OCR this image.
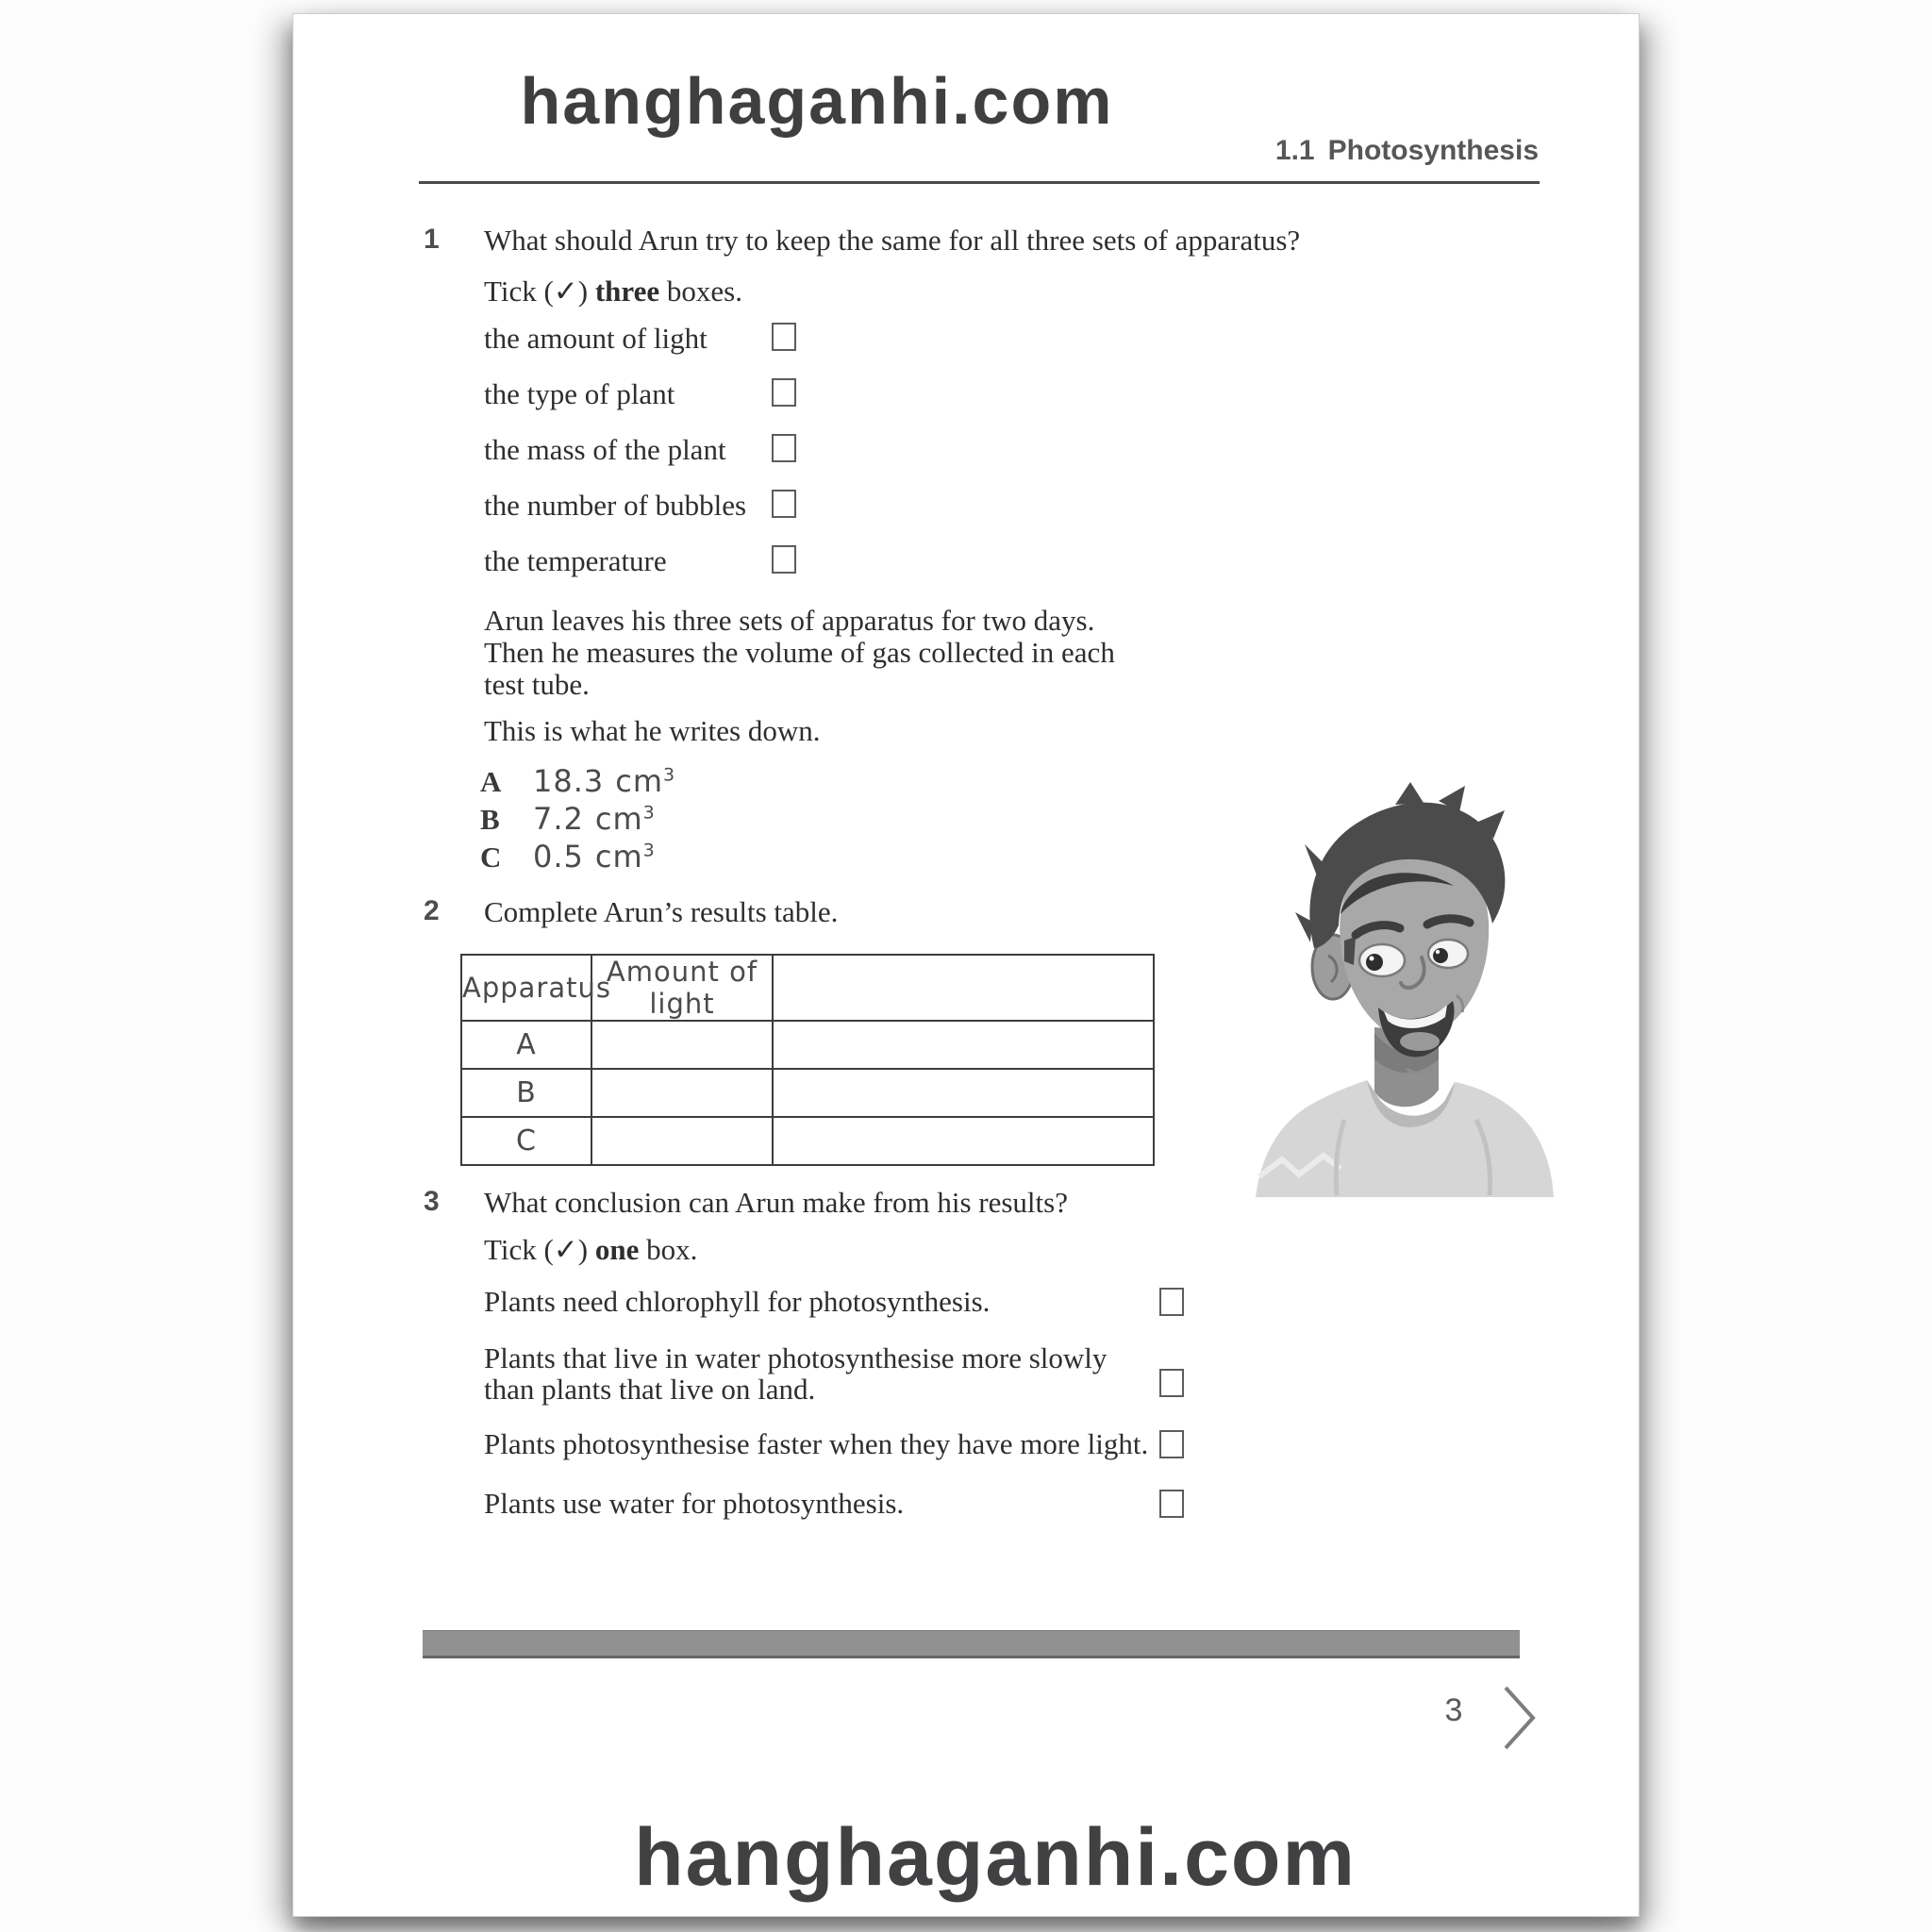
hanghaganhi.com
1.1 Photosynthesis
1 What should Arun try to keep the same for all three sets of apparatus?
Tick (✓) three boxes.
the amount of light
the type of plant
the mass of the plant
the number of bubbles
the temperature
Arun leaves his three sets of apparatus for two days.
Then he measures the volume of gas collected in each
test tube.
This is what he writes down.
A	18.3 $cm^3$
B	7.2 $cm^3$
C	0.5 $cm^3$
2 Complete Arun’s results table.
Apparatus	Amount of light	
A		
B		
C		
3 What conclusion can Arun make from his results?
Tick (✓) one box.
Plants need chlorophyll for photosynthesis.
Plants that live in water photosynthesise more slowly
than plants that live on land.
Plants photosynthesise faster when they have more light.
Plants use water for photosynthesis.
3
hanghaganhi.com
